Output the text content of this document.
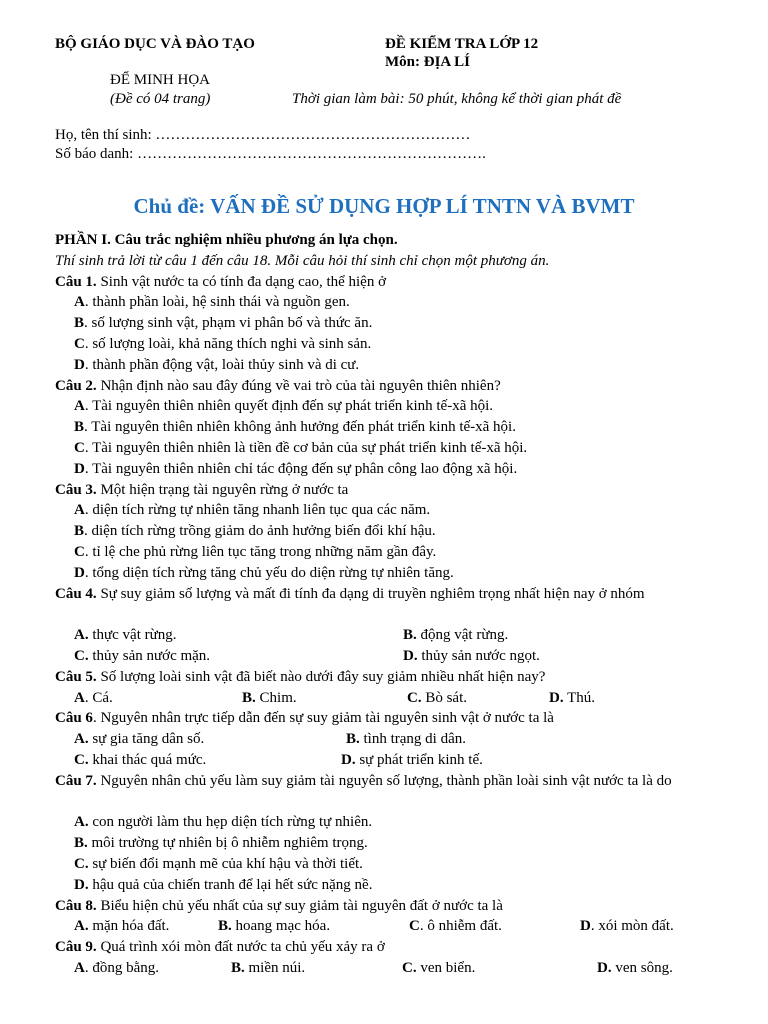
BỘ GIÁO DỤC VÀ ĐÀO TẠO	ĐỀ KIỂM TRA LỚP 12
Môn: ĐỊA LÍ
ĐỂ MINH HỌA
(Đề có 04 trang)	Thời gian làm bài: 50 phút, không kể thời gian phát đề
Họ, tên thí sinh: ………………………………………………………
Số báo danh: …………………………………………………………….
Chủ đề: VẤN ĐỀ SỬ DỤNG HỢP LÍ TNTN VÀ BVMT
PHẦN I. Câu trắc nghiệm nhiều phương án lựa chọn.
Thí sinh trả lời từ câu 1 đến câu 18. Mỗi câu hỏi thí sinh chỉ chọn một phương án.
Câu 1. Sinh vật nước ta có tính đa dạng cao, thể hiện ở
A. thành phần loài, hệ sinh thái và nguồn gen.
B. số lượng sinh vật, phạm vi phân bố và thức ăn.
C. số lượng loài, khả năng thích nghi và sinh sản.
D. thành phần động vật, loài thủy sinh và di cư.
Câu 2. Nhận định nào sau đây đúng về vai trò của tài nguyên thiên nhiên?
A. Tài nguyên thiên nhiên quyết định đến sự phát triển kinh tế-xã hội.
B. Tài nguyên thiên nhiên không ảnh hưởng đến phát triển kinh tế-xã hội.
C. Tài nguyên thiên nhiên là tiền đề cơ bản của sự phát triển kinh tế-xã hội.
D. Tài nguyên thiên nhiên chỉ tác động đến sự phân công lao động xã hội.
Câu 3. Một hiện trạng tài nguyên rừng ở nước ta
A. diện tích rừng tự nhiên tăng nhanh liên tục qua các năm.
B. diện tích rừng trồng giảm do ảnh hưởng biến đổi khí hậu.
C. tỉ lệ che phủ rừng liên tục tăng trong những năm gần đây.
D. tổng diện tích rừng tăng chủ yếu do diện rừng tự nhiên tăng.
Câu 4. Sự suy giảm số lượng và mất đi tính đa dạng di truyền nghiêm trọng nhất hiện nay ở nhóm
A. thực vật rừng.	B. động vật rừng.
C. thủy sản nước mặn.	D. thủy sản nước ngọt.
Câu 5. Số lượng loài sinh vật đã biết nào dưới đây suy giảm nhiều nhất hiện nay?
A. Cá.	B. Chim.	C. Bò sát.	D. Thú.
Câu 6. Nguyên nhân trực tiếp dẫn đến sự suy giảm tài nguyên sinh vật ở nước ta là
A. sự gia tăng dân số.	B. tình trạng di dân.
C. khai thác quá mức.	D. sự phát triển kinh tế.
Câu 7. Nguyên nhân chủ yếu làm suy giảm tài nguyên số lượng, thành phần loài sinh vật nước ta là do
A. con người làm thu hẹp diện tích rừng tự nhiên.
B. môi trường tự nhiên bị ô nhiễm nghiêm trọng.
C. sự biến đổi mạnh mẽ của khí hậu và thời tiết.
D. hậu quả của chiến tranh để lại hết sức nặng nề.
Câu 8. Biểu hiện chủ yếu nhất của sự suy giảm tài nguyên đất ở nước ta là
A. mặn hóa đất.	B. hoang mạc hóa.	C. ô nhiễm đất.	D. xói mòn đất.
Câu 9. Quá trình xói mòn đất nước ta chủ yếu xảy ra ở
A. đồng bằng.	B. miền núi.	C. ven biển.	D. ven sông.
